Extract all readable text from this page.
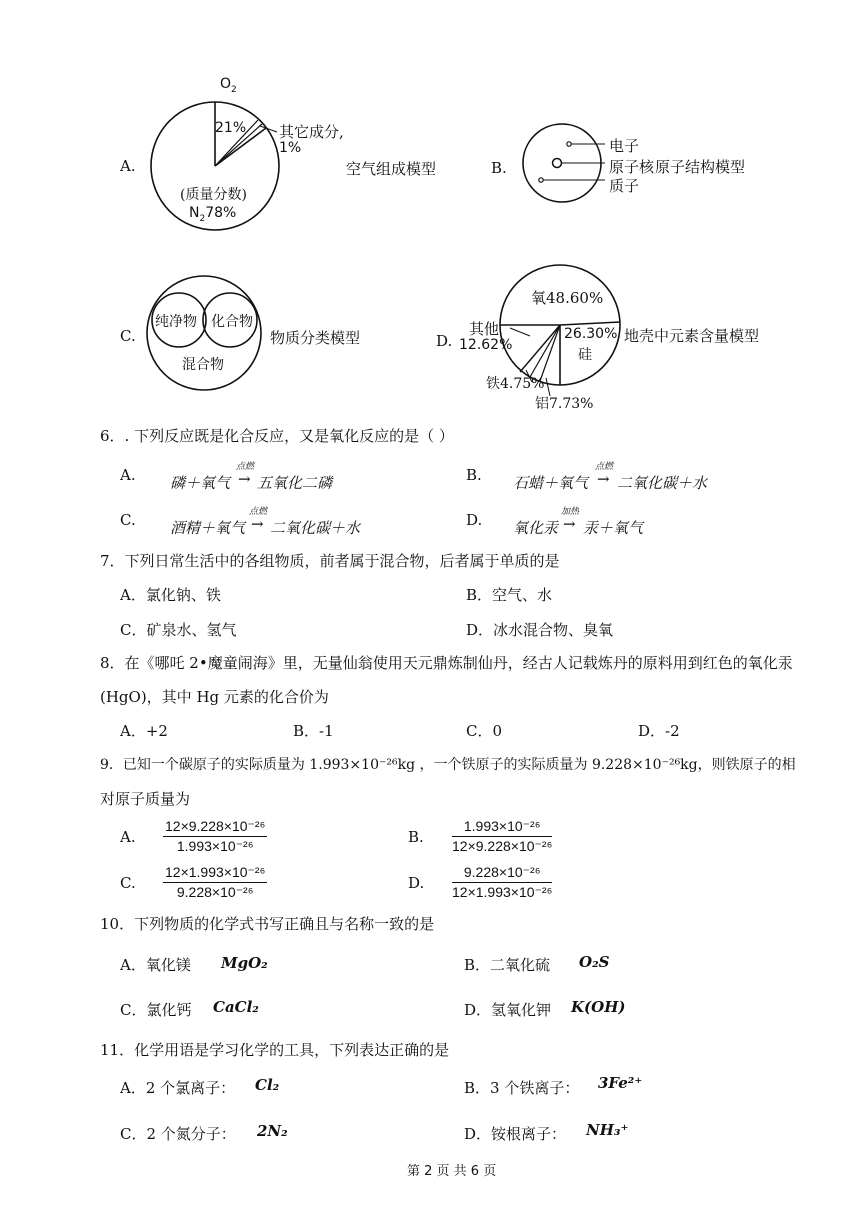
A.
$O_2$
21% 其它成分,
1%
(质量分数)
$N_278\%$
空气组成模型	B.
电子
原子核 原子结构模型
质子
C.
纯净物 化合物
混合物
物质分类模型	D.
氧48.60%
26.30%
硅
其他
12.62%
铁4.75%
铝7.73%
地壳中元素含量模型
6．. 下列反应既是化合反应，又是氧化反应的是（ ）
A. 磷＋氧气
点燃
→ 五氧化二磷	B. 石蜡＋氧气
点燃
→ 二氧化碳＋水
C. 酒精＋氧气
点燃
→ 二氧化碳＋水	D. 氧化汞
加热
→ 汞＋氧气
7．下列日常生活中的各组物质，前者属于混合物，后者属于单质的是
A．氯化钠、铁	B．空气、水
C．矿泉水、氢气	D．冰水混合物、臭氧
8．在《哪吒 2•魔童闹海》里，无量仙翁使用天元鼎炼制仙丹，经古人记载炼丹的原料用到红色的氧化汞
(HgO)，其中 Hg 元素的化合价为
A．+2	B．-1	C．0	D．-2
9．已知一个碳原子的实际质量为 1.993×10⁻²⁶kg ，一个铁原子的实际质量为 9.228×10⁻²⁶kg，则铁原子的相
对原子质量为
A. $\frac{\text{12×9.228×10⁻²⁶}}{\text{1.993×10⁻²⁶}}$	B. $\frac{\text{1.993×10⁻²⁶}}{\text{12×9.228×10⁻²⁶}}$
C. $\frac{\text{12×1.993×10⁻²⁶}}{\text{9.228×10⁻²⁶}}$	D. $\frac{\text{9.228×10⁻²⁶}}{\text{12×1.993×10⁻²⁶}}$
10．下列物质的化学式书写正确且与名称一致的是
A．氧化镁 MgO₂	B．二氧化硫 O₂S
C．氯化钙 CaCl₂	D．氢氧化钾 K(OH)
11．化学用语是学习化学的工具，下列表达正确的是
A．2 个氯离子： Cl₂	B．3 个铁离子： 3Fe²⁺
C．2 个氮分子： 2N₂	D．铵根离子： NH₃⁺
第 2 页 共 6 页
